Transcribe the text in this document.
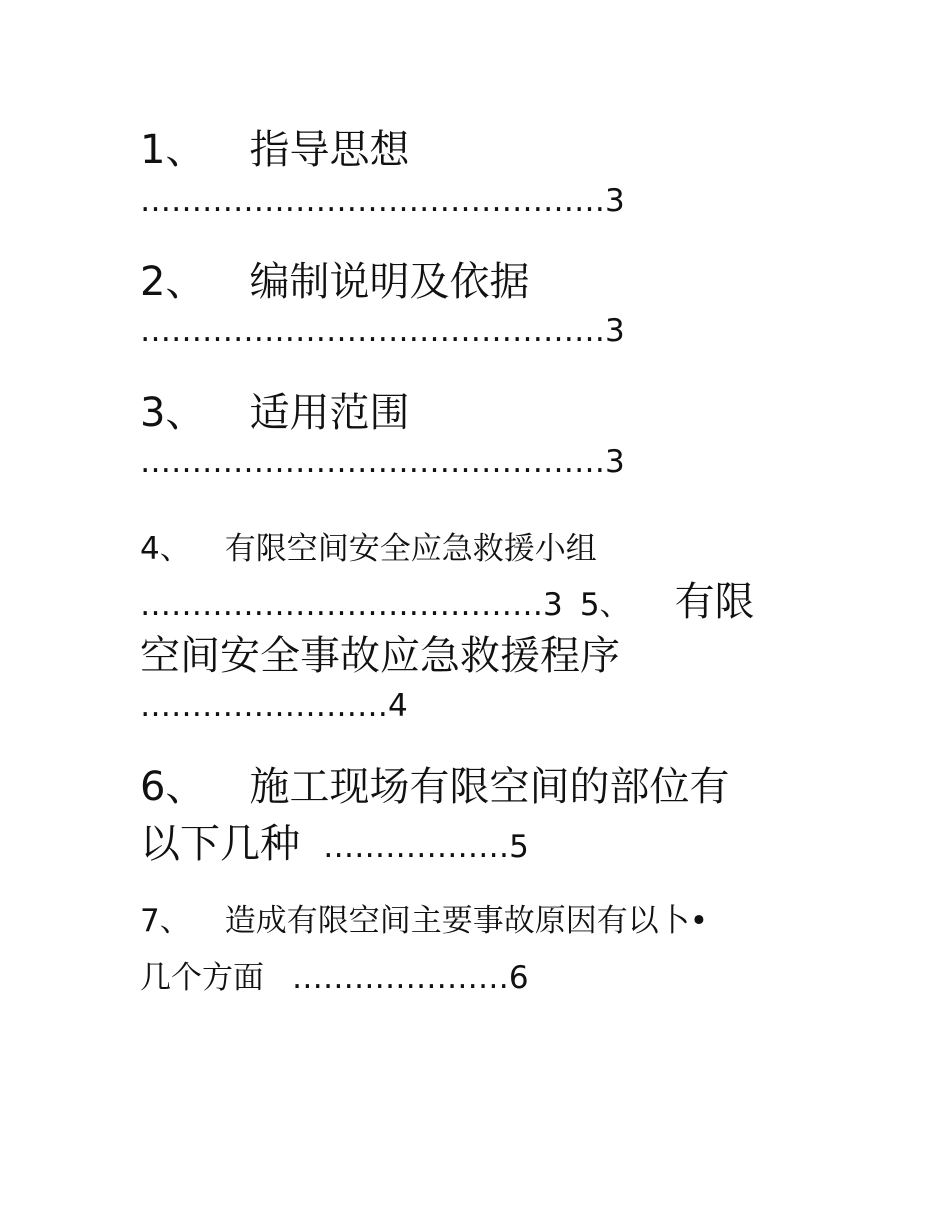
1、 指导思想
………………………………………3
2、 编制说明及依据
………………………………………3
3、 适用范围
………………………………………3
4、 有限空间安全应急救援小组
…………………………………3 5、 有限
空间安全事故应急救援程序
……………………4
6、 施工现场有限空间的部位有
以下几种 ………………5
7、 造成有限空间主要事故原因有以卜•
几个方面 …………………6
